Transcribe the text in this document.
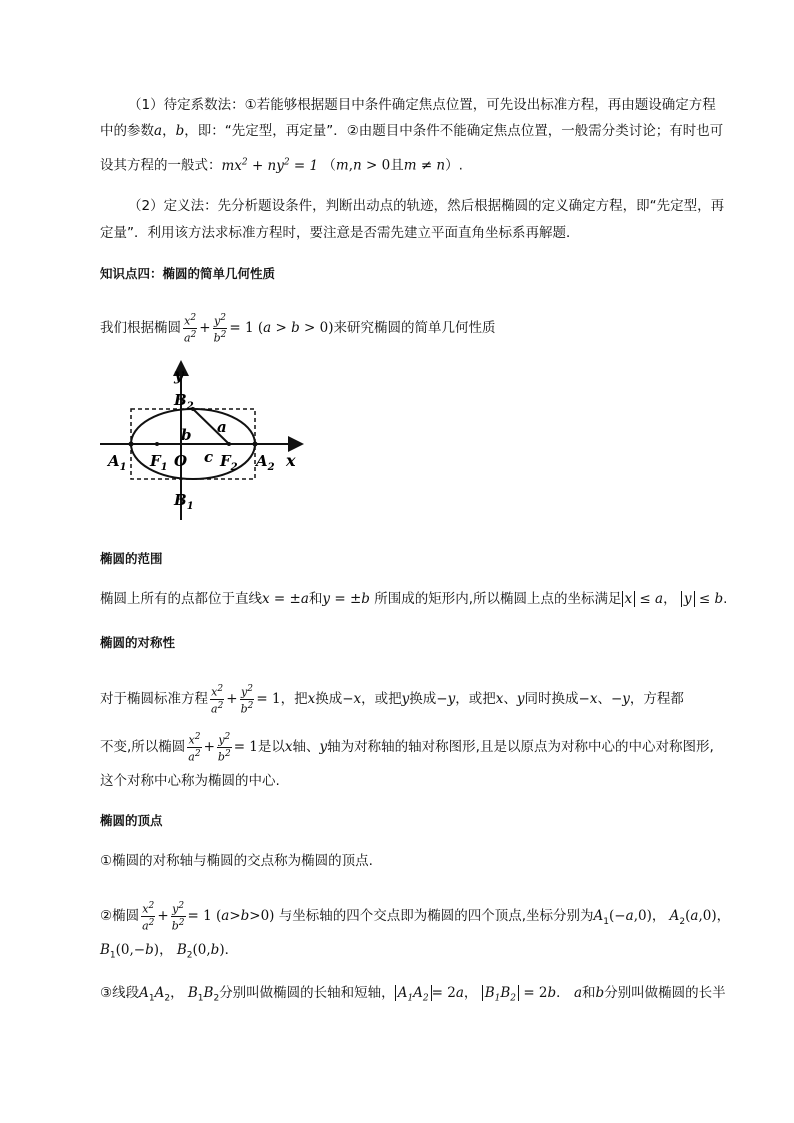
（1）待定系数法：①若能够根据题目中条件确定焦点位置，可先设出标准方程，再由题设确定方程
中的参数a，b，即：“先定型，再定量”．②由题目中条件不能确定焦点位置，一般需分类讨论；有时也可
设其方程的一般式：$mx^2 + ny^2 = 1$ （m,n > 0且m ≠ n）.
（2）定义法：先分析题设条件，判断出动点的轨迹，然后根据椭圆的定义确定方程，即“先定型，再
定量”．利用该方法求标准方程时，要注意是否需先建立平面直角坐标系再解题．
知识点四：椭圆的简单几何性质
我们根据椭圆 $\frac{x^2}{a^2} + \frac{y^2}{b^2} = 1$ (a > b > 0)来研究椭圆的简单几何性质
y
x
$B_2$
$B_1$
$A_1$	$A_2$
$F_1$	$F_2$
O
b a
c
椭圆的范围
椭圆上所有的点都位于直线x = ±a和y = ±b 所围成的矩形内,所以椭圆上点的坐标满足 x ≤ a， y ≤ b.
椭圆的对称性
对于椭圆标准方程 $\frac{x^2}{a^2} + \frac{y^2}{b^2} = 1$，把x换成−x，或把y换成−y，或把x、y同时换成−x、−y，方程都
不变,所以椭圆 $\frac{x^2}{a^2} + \frac{y^2}{b^2} = 1$是以x轴、y轴为对称轴的轴对称图形,且是以原点为对称中心的中心对称图形,
这个对称中心称为椭圆的中心.
椭圆的顶点
①椭圆的对称轴与椭圆的交点称为椭圆的顶点.
②椭圆 $\frac{x^2}{a^2} + \frac{y^2}{b^2} = 1$ (a>b>0) 与坐标轴的四个交点即为椭圆的四个顶点,坐标分别为$A_1(-a,0)$， $A_2(a,0)$，
$B_1(0,-b)$， $B_2(0,b)$．
③线段$A_1A_2$， $B_1B_2$分别叫做椭圆的长轴和短轴， $A_1A_2 = 2a$， $B_1B_2 = 2b$． a和b分别叫做椭圆的长半
